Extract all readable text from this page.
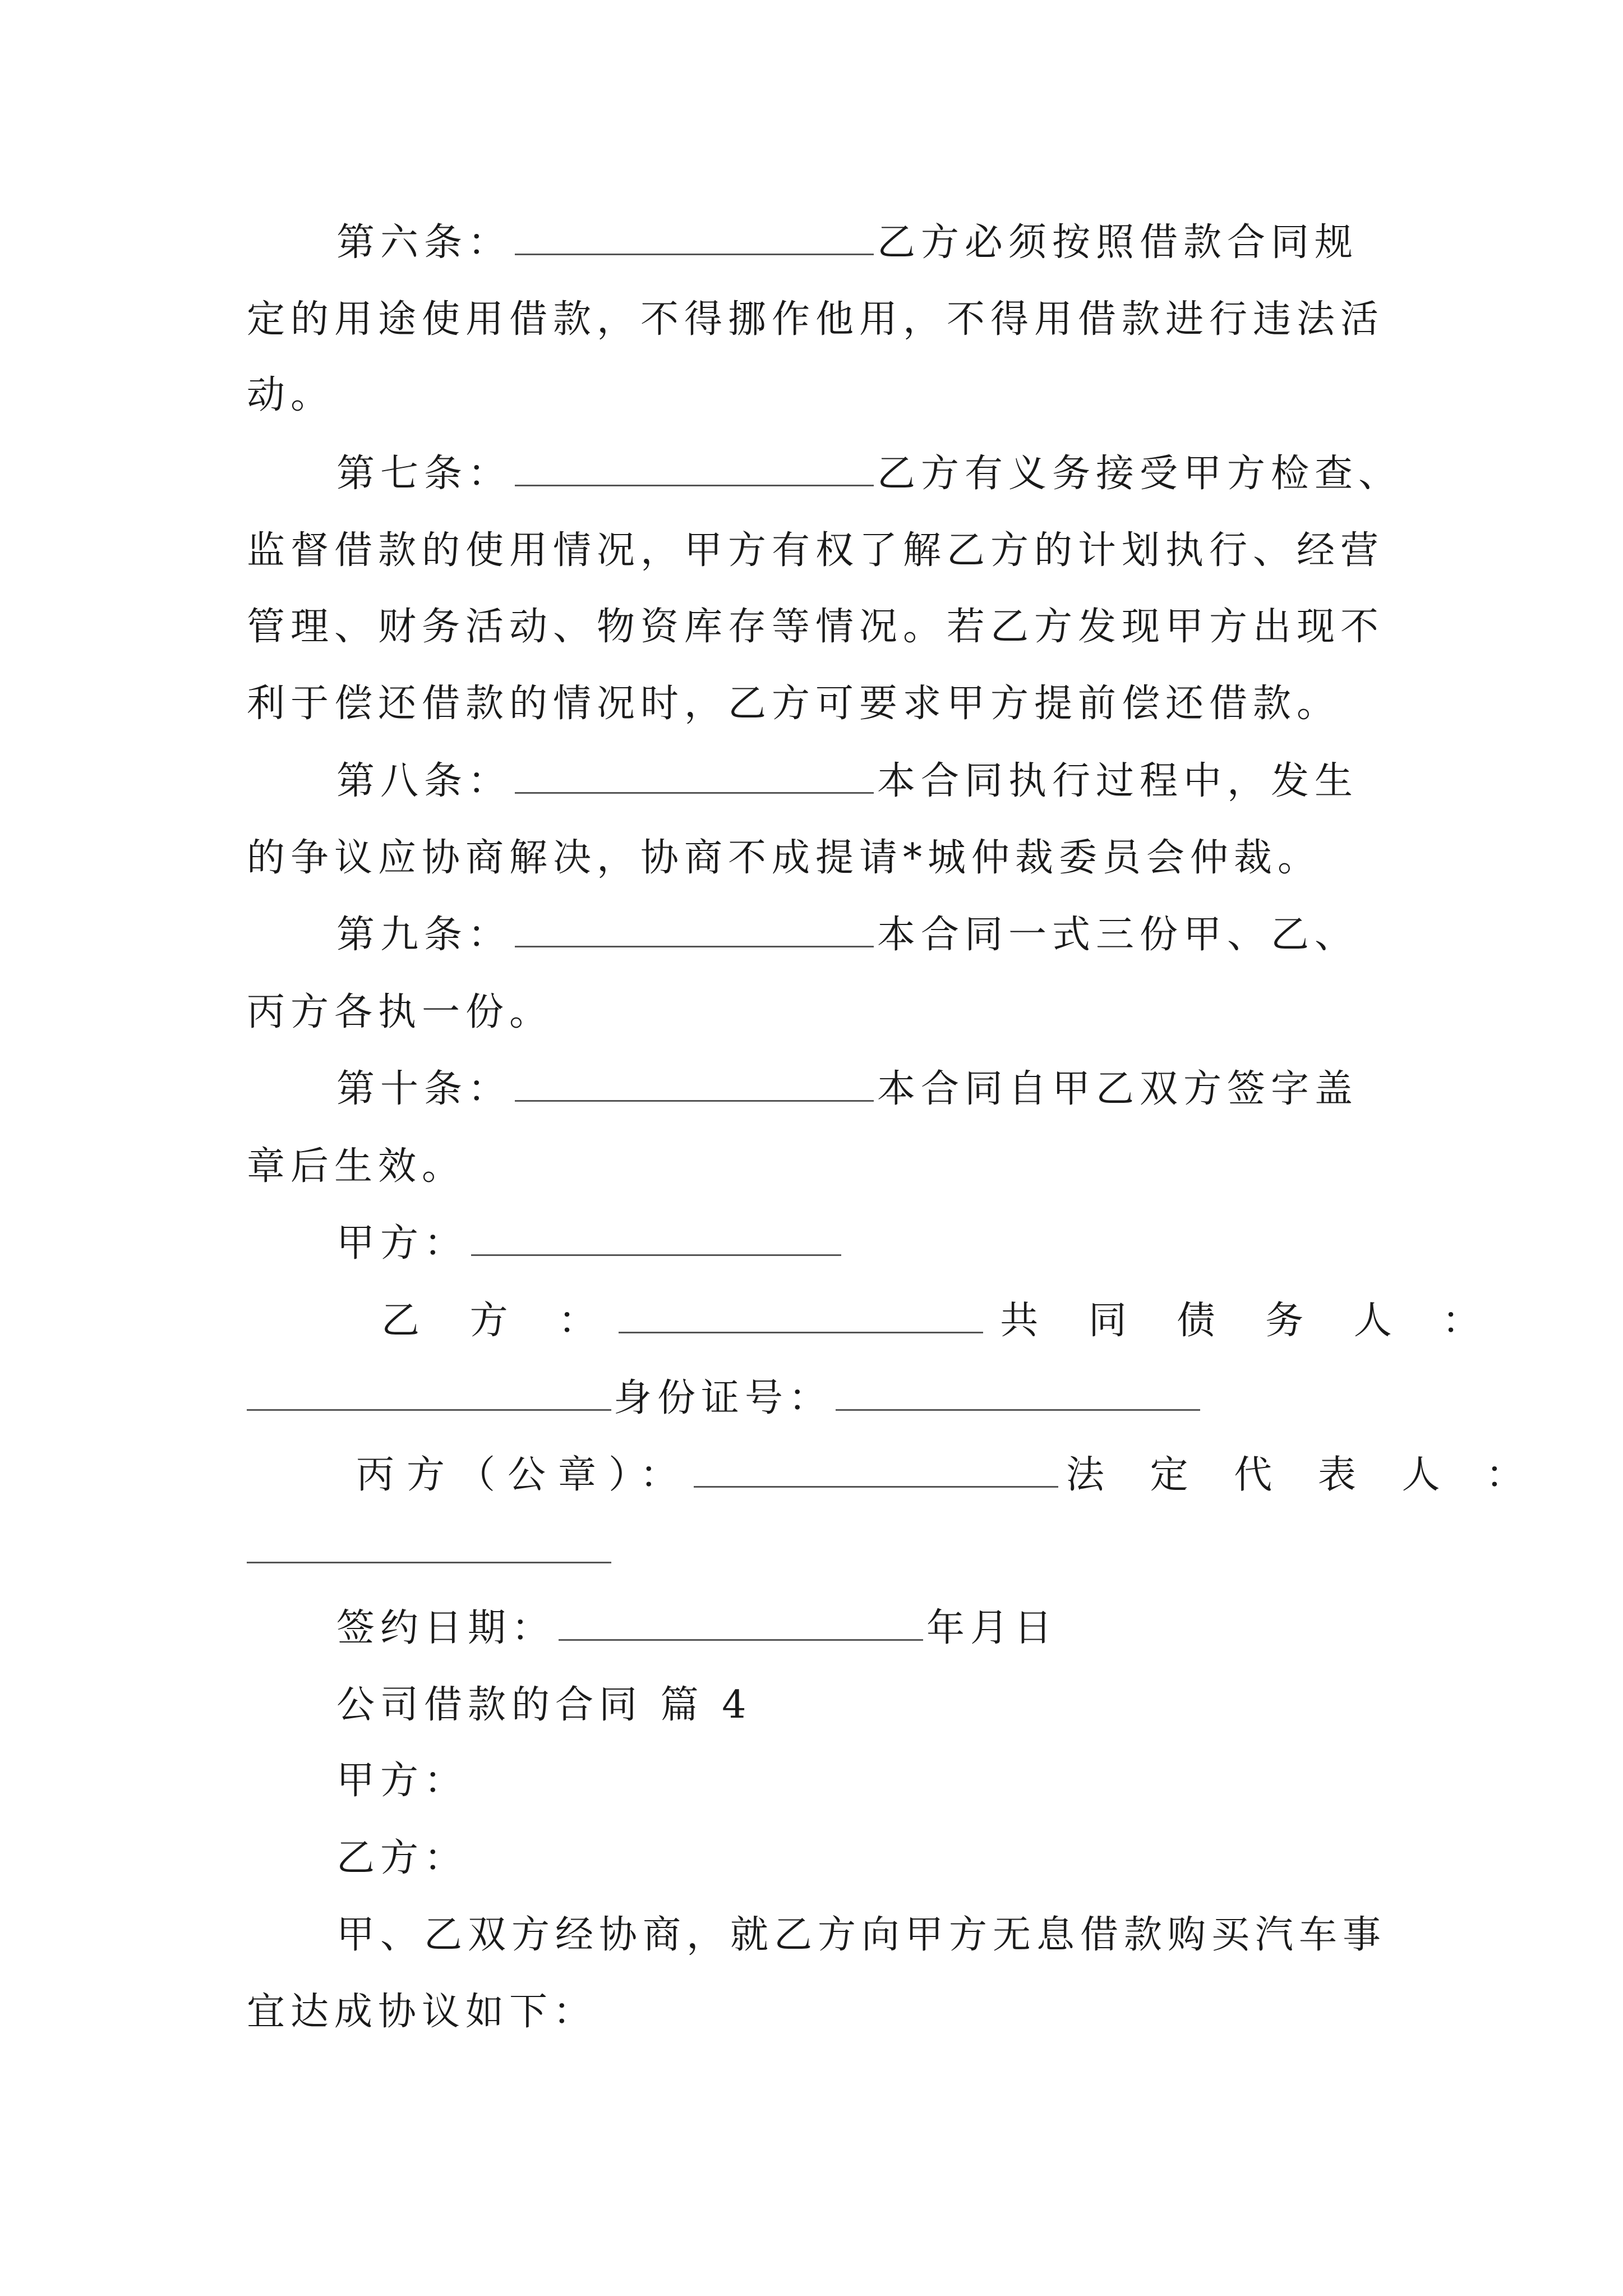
第六条：	乙方必须按照借款合同规
定的用途使用借款，不得挪作他用，不得用借款进行违法活
动。
第七条：	乙方有义务接受甲方检查、
监督借款的使用情况，甲方有权了解乙方的计划执行、经营
管理、财务活动、物资库存等情况。若乙方发现甲方出现不
利于偿还借款的情况时，乙方可要求甲方提前偿还借款。
第八条：	本合同执行过程中，发生
的争议应协商解决，协商不成提请*城仲裁委员会仲裁。
第九条：	本合同一式三份甲、乙、
丙方各执一份。
第十条：	本合同自甲乙双方签字盖
章后生效。
甲方：
乙 方 ：	共 同 债 务 人 ：
身份证号：
丙方（公章）：	法 定 代 表 人 ：
签约日期：	年月日
公司借款的合同 篇 4
甲方：
乙方：
甲、乙双方经协商，就乙方向甲方无息借款购买汽车事
宜达成协议如下：
